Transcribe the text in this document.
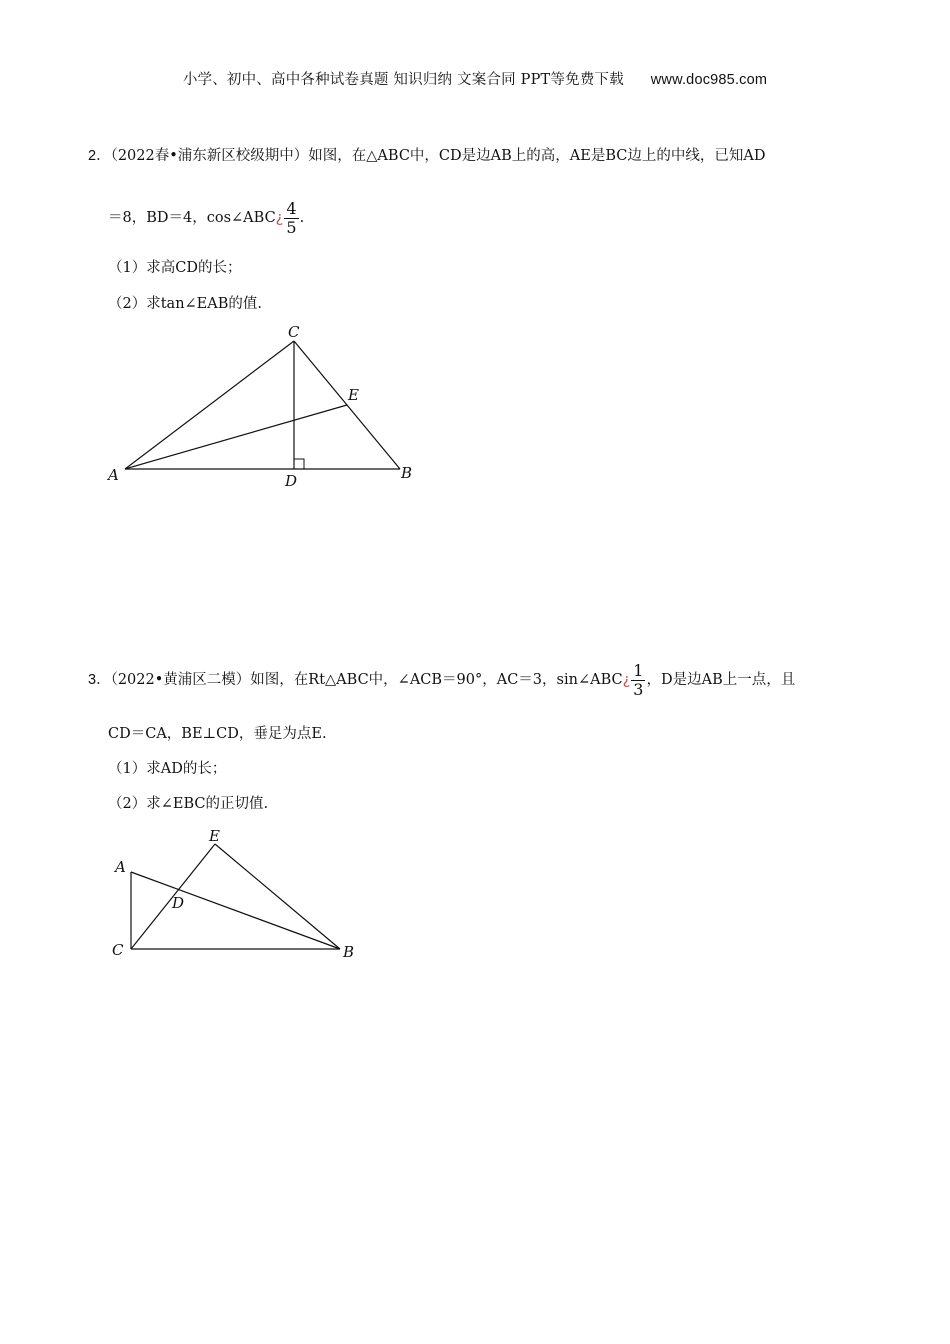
小学、初中、高中各种试卷真题 知识归纳 文案合同 PPT等免费下载 www.doc985.com
2．（2022春•浦东新区校级期中）如图，在△ABC中，CD是边AB上的高，AE是BC边上的中线，已知AD
＝8，BD＝4，cos∠ABC¿ $\frac{4}{5}$ .
（1）求高CD的长；
（2）求tan∠EAB的值.
A	B
C
D
E
3．（2022•黄浦区二模）如图，在Rt△ABC中，∠ACB＝90°，AC＝3，sin∠ABC¿ $\frac{1}{3}$ ，D是边AB上一点，且
CD＝CA，BE⊥CD，垂足为点E.
（1）求AD的长；
（2）求∠EBC的正切值.
A
B
C
D
E
